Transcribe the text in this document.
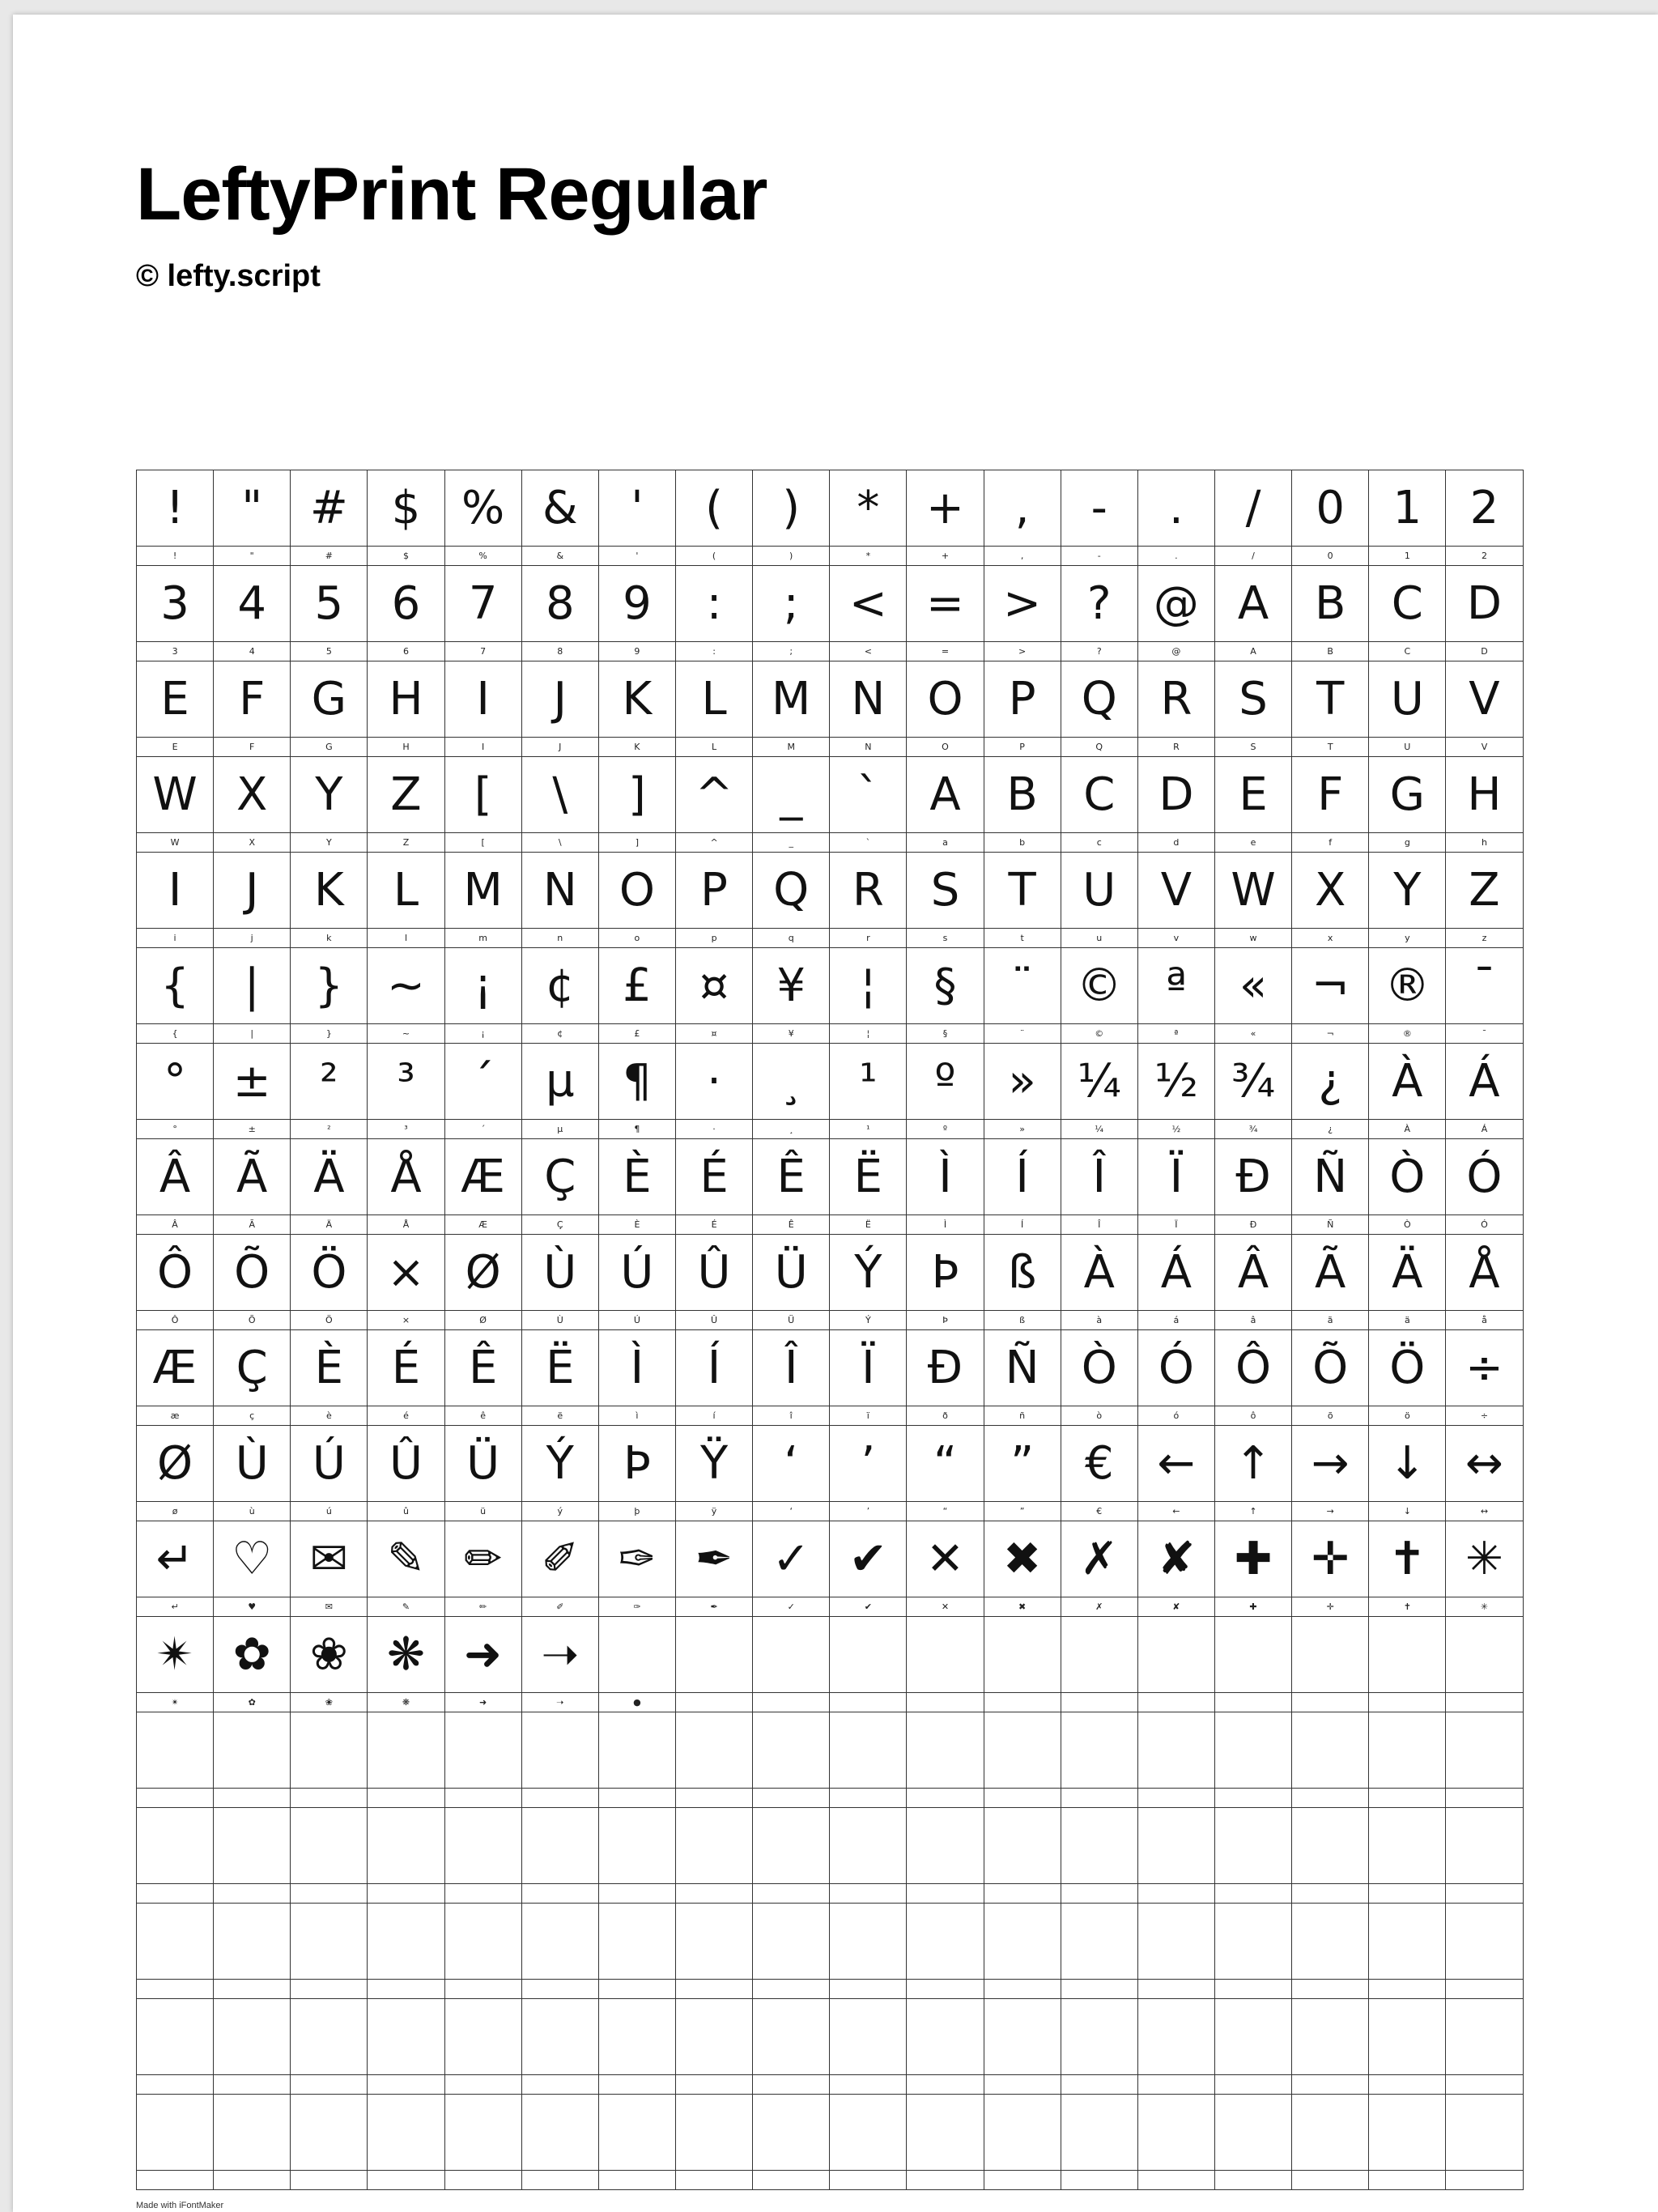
LeftyPrint Regular

© lefty.script

!
!
"
"
#
#
$
$
%
%
&
&
'
'
(
(
)
)
*
*
+
+
,
,
-
-
.
.
/
/
0
0
1
1
2
2
3
3
4
4
5
5
6
6
7
7
8
8
9
9
:
:
;
;
<
<
=
=
>
>
?
?
@
@
A
A
B
B
C
C
D
D
E
E
F
F
G
G
H
H
I
I
J
J
K
K
L
L
M
M
N
N
O
O
P
P
Q
Q
R
R
S
S
T
T
U
U
V
V
W
W
X
X
Y
Y
Z
Z
[
[
\
\
]
]
^
^
_
_
`
`
A
a
B
b
C
c
D
d
E
e
F
f
G
g
H
h
I
i
J
j
K
k
L
l
M
m
N
n
O
o
P
p
Q
q
R
r
S
s
T
t
U
u
V
v
W
w
X
x
Y
y
Z
z
{
{
|
|
}
}
~
~
¡
¡
¢
¢
£
£
¤
¤
¥
¥
¦
¦
§
§
¨
¨
©
©
ª
ª
«
«
¬
¬
®
®
¯
¯
°
°
±
±
²
²
³
³
´
´
µ
µ
¶
¶
·
·
¸
¸
¹
¹
º
º
»
»
¼
¼
½
½
¾
¾
¿
¿
À
À
Á
Á
Â
Â
Ã
Ã
Ä
Ä
Å
Å
Æ
Æ
Ç
Ç
È
È
É
É
Ê
Ê
Ë
Ë
Ì
Ì
Í
Í
Î
Î
Ï
Ï
Ð
Ð
Ñ
Ñ
Ò
Ò
Ó
Ó
Ô
Ô
Õ
Õ
Ö
Ö
×
×
Ø
Ø
Ù
Ù
Ú
Ú
Û
Û
Ü
Ü
Ý
Ý
Þ
Þ
ß
ß
À
à
Á
á
Â
â
Ã
ã
Ä
ä
Å
å
Æ
æ
Ç
ç
È
è
É
é
Ê
ê
Ë
ë
Ì
ì
Í
í
Î
î
Ï
ï
Ð
ð
Ñ
ñ
Ò
ò
Ó
ó
Ô
ô
Õ
õ
Ö
ö
÷
÷
Ø
ø
Ù
ù
Ú
ú
Û
û
Ü
ü
Ý
ý
Þ
þ
Ÿ
ÿ
‘
‘
’
’
“
“
”
”
€
€
←
←
↑
↑
→
→
↓
↓
↔
↔
↵
↵
♡
♥
✉
✉
✎
✎
✏
✏
✐
✐
✑
✑
✒
✒
✓
✓
✔
✔
✕
✕
✖
✖
✗
✗
✘
✘
✚
✚
✛
✛
✝
✝
✳
✳
✴
✴
✿
✿
❀
❀
❋
❋
➜
➜
➝
➝	●
Made with iFontMaker
